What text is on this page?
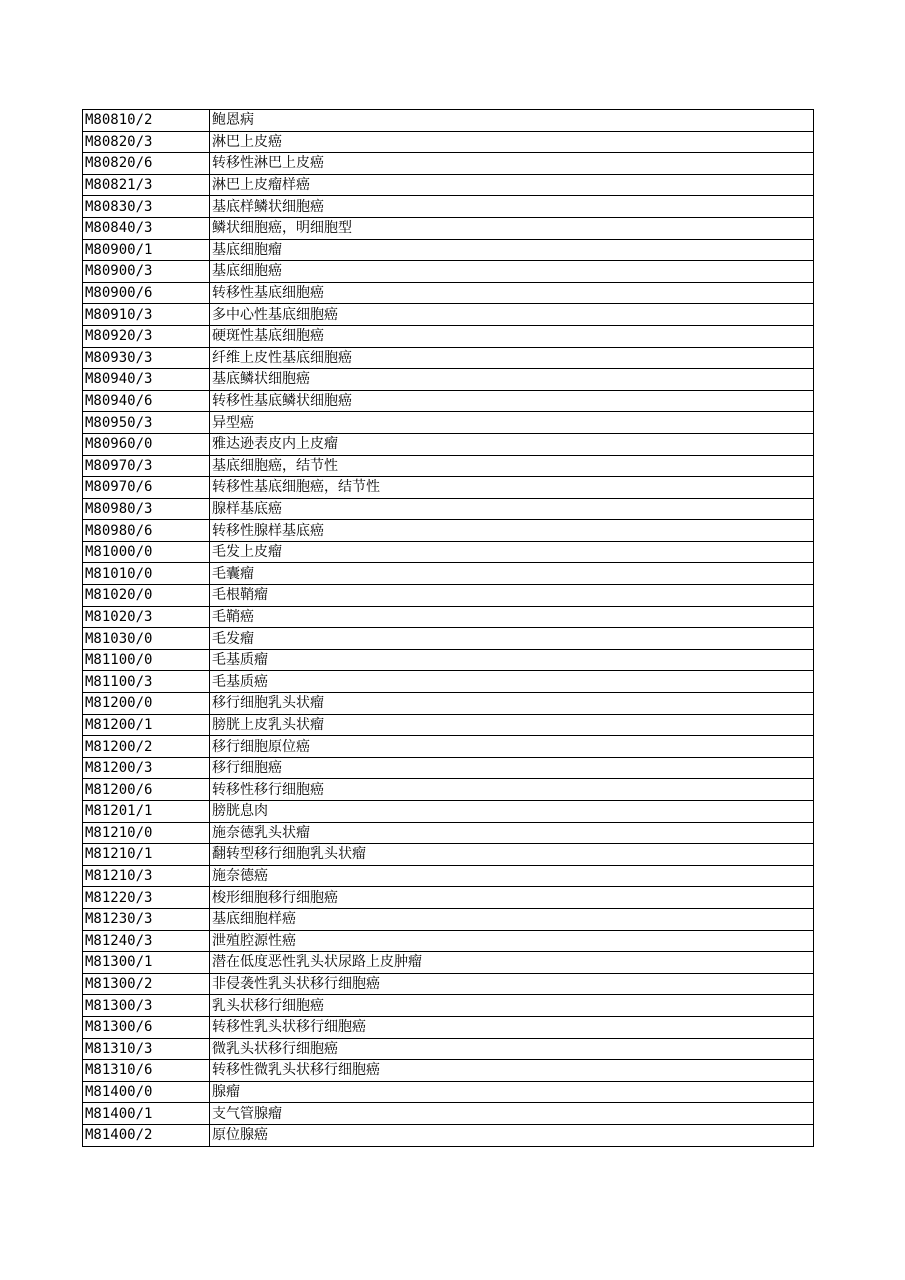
M80810/2	鲍恩病
M80820/3	淋巴上皮癌
M80820/6	转移性淋巴上皮癌
M80821/3	淋巴上皮瘤样癌
M80830/3	基底样鳞状细胞癌
M80840/3	鳞状细胞癌，明细胞型
M80900/1	基底细胞瘤
M80900/3	基底细胞癌
M80900/6	转移性基底细胞癌
M80910/3	多中心性基底细胞癌
M80920/3	硬斑性基底细胞癌
M80930/3	纤维上皮性基底细胞癌
M80940/3	基底鳞状细胞癌
M80940/6	转移性基底鳞状细胞癌
M80950/3	异型癌
M80960/0	雅达逊表皮内上皮瘤
M80970/3	基底细胞癌，结节性
M80970/6	转移性基底细胞癌，结节性
M80980/3	腺样基底癌
M80980/6	转移性腺样基底癌
M81000/0	毛发上皮瘤
M81010/0	毛囊瘤
M81020/0	毛根鞘瘤
M81020/3	毛鞘癌
M81030/0	毛发瘤
M81100/0	毛基质瘤
M81100/3	毛基质癌
M81200/0	移行细胞乳头状瘤
M81200/1	膀胱上皮乳头状瘤
M81200/2	移行细胞原位癌
M81200/3	移行细胞癌
M81200/6	转移性移行细胞癌
M81201/1	膀胱息肉
M81210/0	施奈德乳头状瘤
M81210/1	翻转型移行细胞乳头状瘤
M81210/3	施奈德癌
M81220/3	梭形细胞移行细胞癌
M81230/3	基底细胞样癌
M81240/3	泄殖腔源性癌
M81300/1	潜在低度恶性乳头状尿路上皮肿瘤
M81300/2	非侵袭性乳头状移行细胞癌
M81300/3	乳头状移行细胞癌
M81300/6	转移性乳头状移行细胞癌
M81310/3	微乳头状移行细胞癌
M81310/6	转移性微乳头状移行细胞癌
M81400/0	腺瘤
M81400/1	支气管腺瘤
M81400/2	原位腺癌
